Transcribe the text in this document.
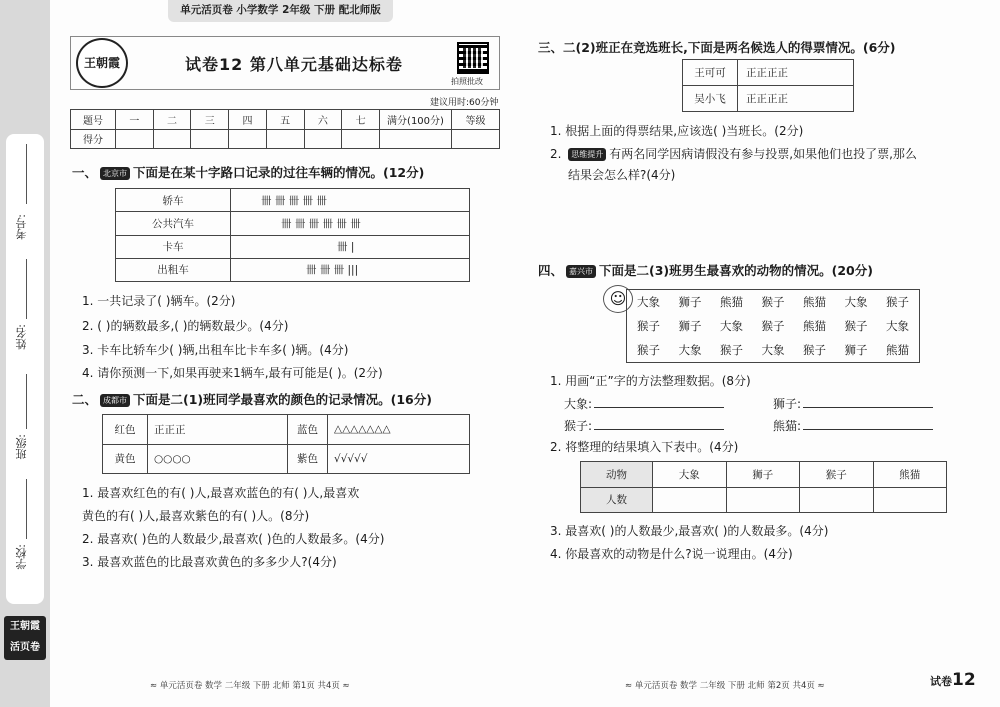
考号:
姓名:
班级:
学校:
王朝霞
活页卷
单元活页卷 小学数学 2年级 下册 配北师版
王朝霞	试卷12 第八单元基础达标卷
拍照批改
建议用时:60分钟
题号	一	二	三	四	五	六	七	满分(100分)	等级
得分									
一、 北京市 下面是在某十字路口记录的过往车辆的情况。(12分)
轿车	卌 卌 卌 卌 卌
公共汽车	卌 卌 卌 卌 卌 卌
卡车	卌 |
出租车	卌 卌 卌 |||
1. 一共记录了( )辆车。(2分)
2. ( )的辆数最多,( )的辆数最少。(4分)
3. 卡车比轿车少( )辆,出租车比卡车多( )辆。(4分)
4. 请你预测一下,如果再驶来1辆车,最有可能是( )。(2分)
二、 成都市 下面是二(1)班同学最喜欢的颜色的记录情况。(16分)
红色	正正正	蓝色	△△△△△△△
黄色	○○○○	紫色	√√√√√
1. 最喜欢红色的有( )人,最喜欢蓝色的有( )人,最喜欢
黄色的有( )人,最喜欢紫色的有( )人。(8分)
2. 最喜欢( )色的人数最少,最喜欢( )色的人数最多。(4分)
3. 最喜欢蓝色的比最喜欢黄色的多多少人?(4分)
≈ 单元活页卷 数学 二年级 下册 北师 第1页 共4页 ≈
三、二(2)班正在竞选班长,下面是两名候选人的得票情况。(6分)
王可可	正正正正
吴小飞	正正正正
1. 根据上面的得票结果,应该选( )当班长。(2分)
2. 思维提升 有两名同学因病请假没有参与投票,如果他们也投了票,那么
结果会怎么样?(4分)
四、 嘉兴市 下面是二(3)班男生最喜欢的动物的情况。(20分)
☺ 大象 狮子 熊猫 猴子 熊猫 大象 猴子
猴子 狮子 大象 猴子 熊猫 猴子 大象
猴子 大象 猴子 大象 猴子 狮子 熊猫
1. 用画“正”字的方法整理数据。(8分)
大象:	狮子:
猴子:	熊猫:
2. 将整理的结果填入下表中。(4分)
动物	大象	狮子	猴子	熊猫
人数				
3. 最喜欢( )的人数最少,最喜欢( )的人数最多。(4分)
4. 你最喜欢的动物是什么?说一说理由。(4分)
≈ 单元活页卷 数学 二年级 下册 北师 第2页 共4页 ≈	试卷12
